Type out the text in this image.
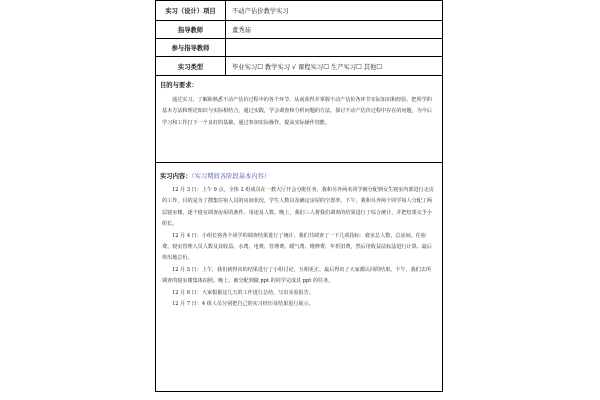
实习（设计）项目	不动产估价教学实习
指导教师	董秀茹
参与指导教师
实习类型	毕业实习☐ 教学实习 √ 课程实习☐ 生产实习☐ 其他☐
目的与要求：

通过实习，了解和熟悉不动产估价过程中的各个环节，从而获得并掌握不动产估价各环节实际知识和经验。把所学的基本方法和理论知识与实际相结合，通过实践，学会调查和分析问题的方法，探讨不动产估价过程中存在的问题，为今后学习和工作打下一个良好的基础。通过参加实际操作，提高实际操作技能。

实习内容：（实习期间各阶段基本内容）

12 月 3 日：上午 9 点，全体 2 组成员在一教大厅开会分配任务，我和另外两名同学被分配到女生寝室内部进行走访的工作，目的是为了搜集住宿人员的房间状况，学生人数以及确定房屋的空置率。下午，我和另外两个同学每人分配了两层寝室楼，逐个寝室调查房屋的条件、用途及人数。晚上，我们三人将我们调查的结果进行了综合统计，并把结果交予小组长。

12 月 4 日：小组长将各个同学的调查结果进行了统计，我们共调查了一下几项指标：寝室总人数、总房间、住宿费、寝室管理人员人数及其收益、水费、电费、管理费、暖气费、维修费、年折旧费，然后用收益法标法进行计算。最后得出地总价。

12 月 5 日：上午，我们就得出的结果进行了小组讨论，互相更正。最后得出了大家都认同的结果。下午，我们去所调查的寝室楼集体拍照。晚上，被分配到做 ppt 的同学完成其 ppt 的任务。

12 月 6 日：大家根据这几天的工作进行总结，写出实验报告。

12 月 7 日：4 组人员分别把自己的实习经历及结果进行展示。
